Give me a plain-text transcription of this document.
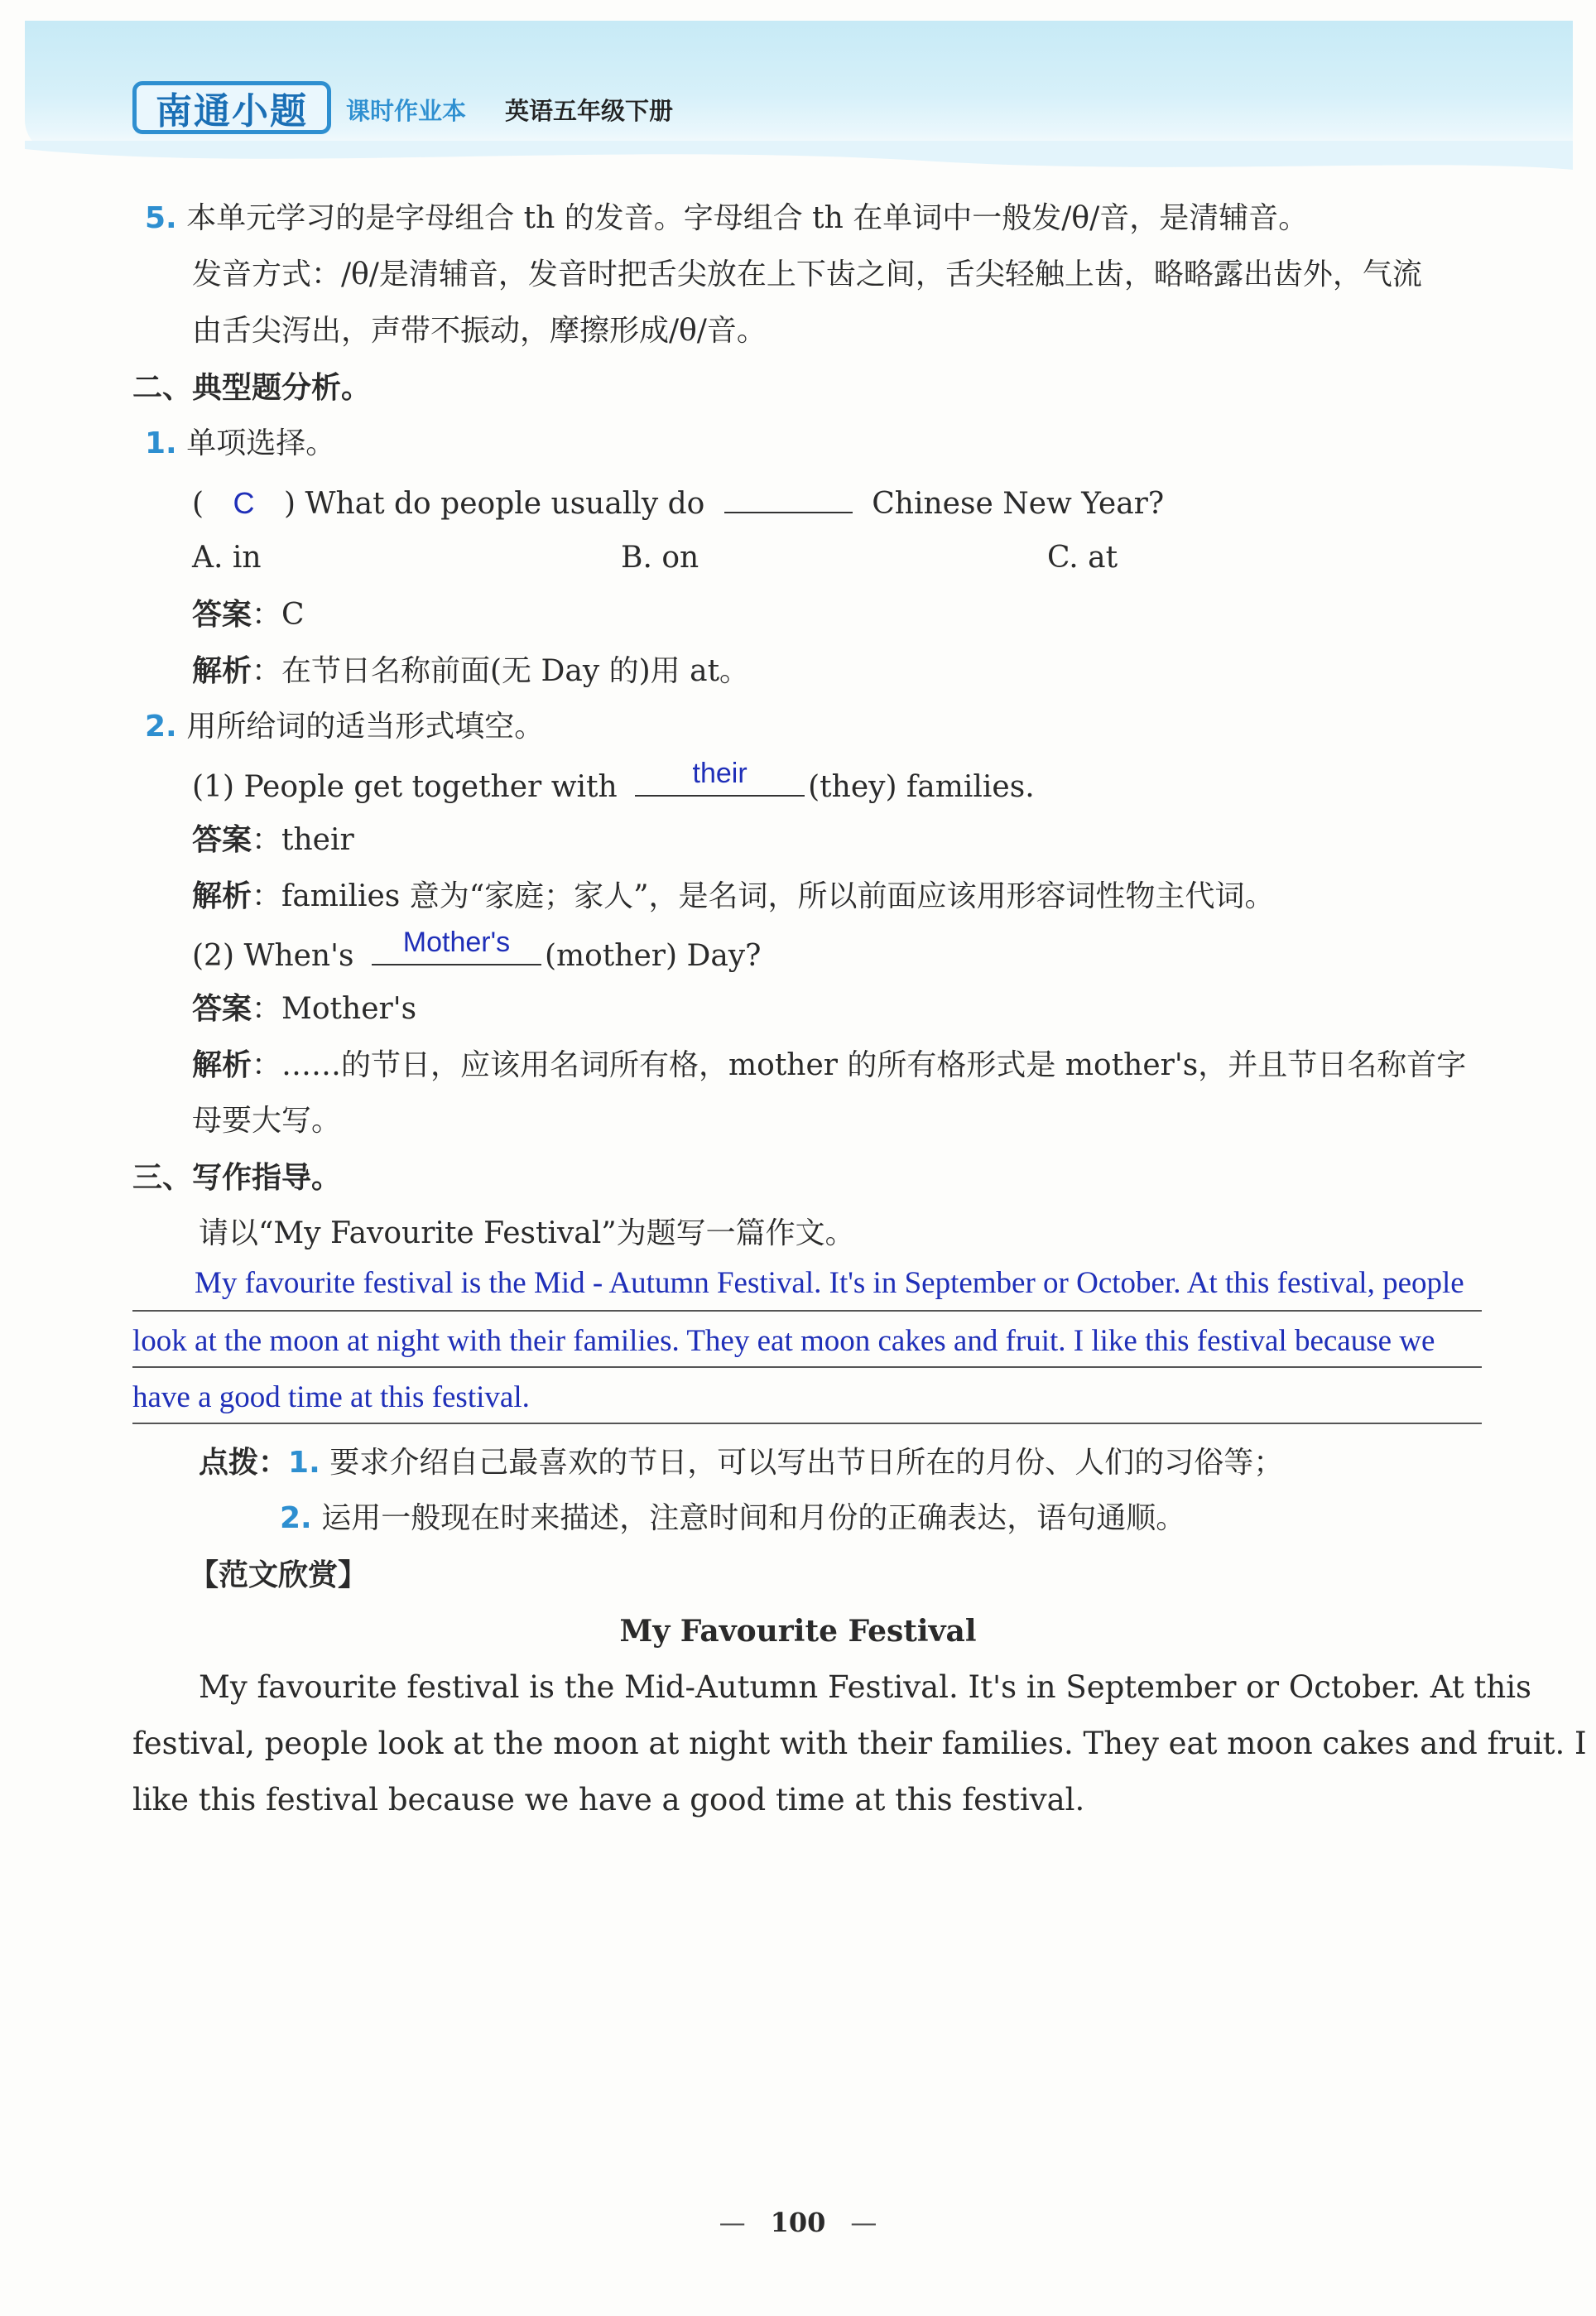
南通小题 课时作业本 英语五年级下册
5. 本单元学习的是字母组合 th 的发音。字母组合 th 在单词中一般发/θ/音，是清辅音。
发音方式：/θ/是清辅音，发音时把舌尖放在上下齿之间，舌尖轻触上齿，略略露出齿外，气流
由舌尖泻出，声带不振动，摩擦形成/θ/音。
二、典型题分析。
1. 单项选择。
( C ) What do people usually do	Chinese New Year?
A. in	B. on	C. at
答案：C
解析：在节日名称前面(无 Day 的)用 at。
2. 用所给词的适当形式填空。
(1) People get together with	their	(they) families.
答案：their
解析：families 意为“家庭；家人”，是名词，所以前面应该用形容词性物主代词。
(2) When's	Mother's	(mother) Day?
答案：Mother's
解析：……的节日，应该用名词所有格，mother 的所有格形式是 mother's，并且节日名称首字
母要大写。
三、写作指导。
请以“My Favourite Festival”为题写一篇作文。
My favourite festival is the Mid - Autumn Festival. It's in September or October. At this festival, people
look at the moon at night with their families. They eat moon cakes and fruit. I like this festival because we
have a good time at this festival.
点拨：1. 要求介绍自己最喜欢的节日，可以写出节日所在的月份、人们的习俗等；
2. 运用一般现在时来描述，注意时间和月份的正确表达，语句通顺。
【范文欣赏】
My Favourite Festival
My favourite festival is the Mid-Autumn Festival. It's in September or October. At this
festival, people look at the moon at night with their families. They eat moon cakes and fruit. I
like this festival because we have a good time at this festival.
— 100 —
